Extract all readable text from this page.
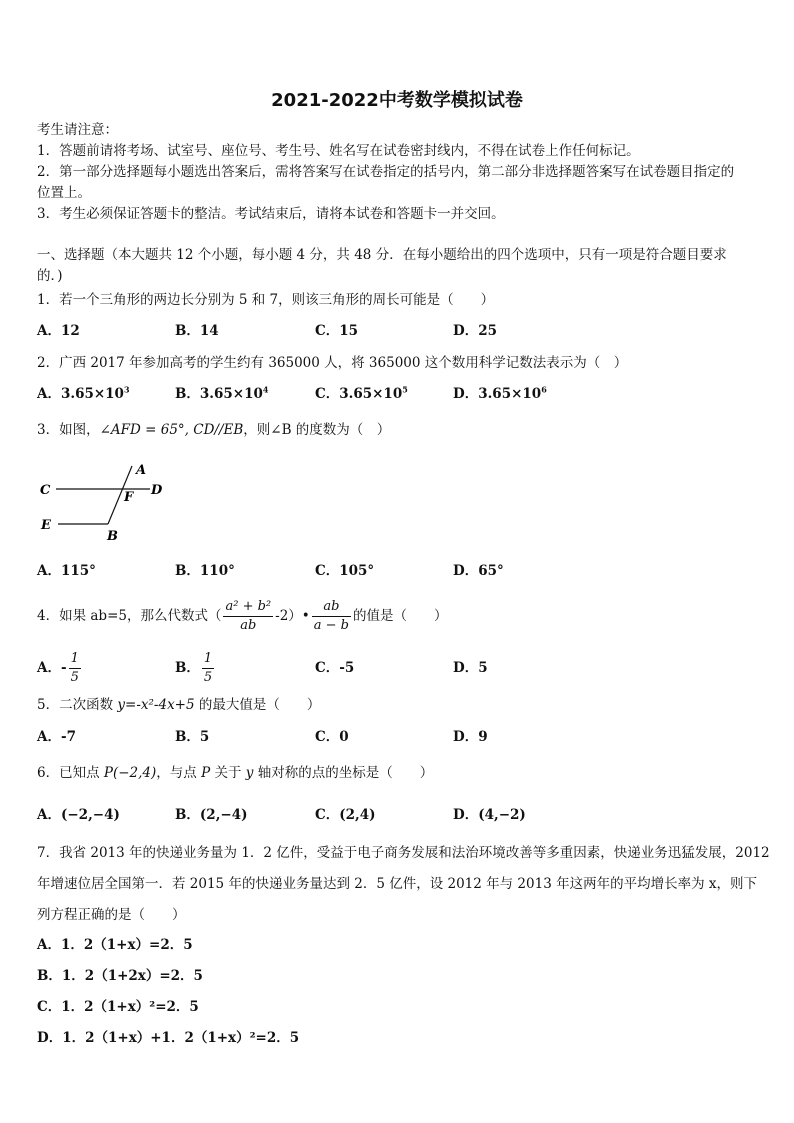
2021-2022中考数学模拟试卷
考生请注意：
1．答题前请将考场、试室号、座位号、考生号、姓名写在试卷密封线内，不得在试卷上作任何标记。
2．第一部分选择题每小题选出答案后，需将答案写在试卷指定的括号内，第二部分非选择题答案写在试卷题目指定的
位置上。
3．考生必须保证答题卡的整洁。考试结束后，请将本试卷和答题卡一并交回。
一、选择题（本大题共 12 个小题，每小题 4 分，共 48 分．在每小题给出的四个选项中，只有一项是符合题目要求
的．)
1．若一个三角形的两边长分别为 5 和 7，则该三角形的周长可能是（　　）
A．12	B．14	C．15	D．25
2．广西 2017 年参加高考的学生约有 365000 人，将 365000 这个数用科学记数法表示为（　）
A．$3.65\times 10^3$	B．$3.65\times 10^4$	C．$3.65\times 10^5$	D．$3.65\times 10^6$
3．如图，∠AFD = 65°, CD//EB，则∠B 的度数为（　）
A
C	D
F
E
B
A．115°	B．110°	C．105°	D．65°
4．如果 ab=5，那么代数式（ $\frac{\text{a² + b²}}{ab}$ -2）• $\frac{ab}{a - b}$ 的值是（　　）
A．- $\frac{1}{5}$	B． $\frac{1}{5}$	C．-5	D．5
5．二次函数 y=-x²-4x+5 的最大值是（　　）
A．-7	B．5	C．0	D．9
6．已知点 P(−2,4)，与点 P 关于 y 轴对称的点的坐标是（　　）
A．(−2,−4)	B．(2,−4)	C．(2,4)	D．(4,−2)
7．我省 2013 年的快递业务量为 1．2 亿件，受益于电子商务发展和法治环境改善等多重因素，快递业务迅猛发展，2012
年增速位居全国第一．若 2015 年的快递业务量达到 2．5 亿件，设 2012 年与 2013 年这两年的平均增长率为 x，则下
列方程正确的是（　　）
A．1．2（1+x）=2．5
B．1．2（1+2x）=2．5
C．1．2（1+x）²=2．5
D．1．2（1+x）+1．2（1+x）²=2．5
